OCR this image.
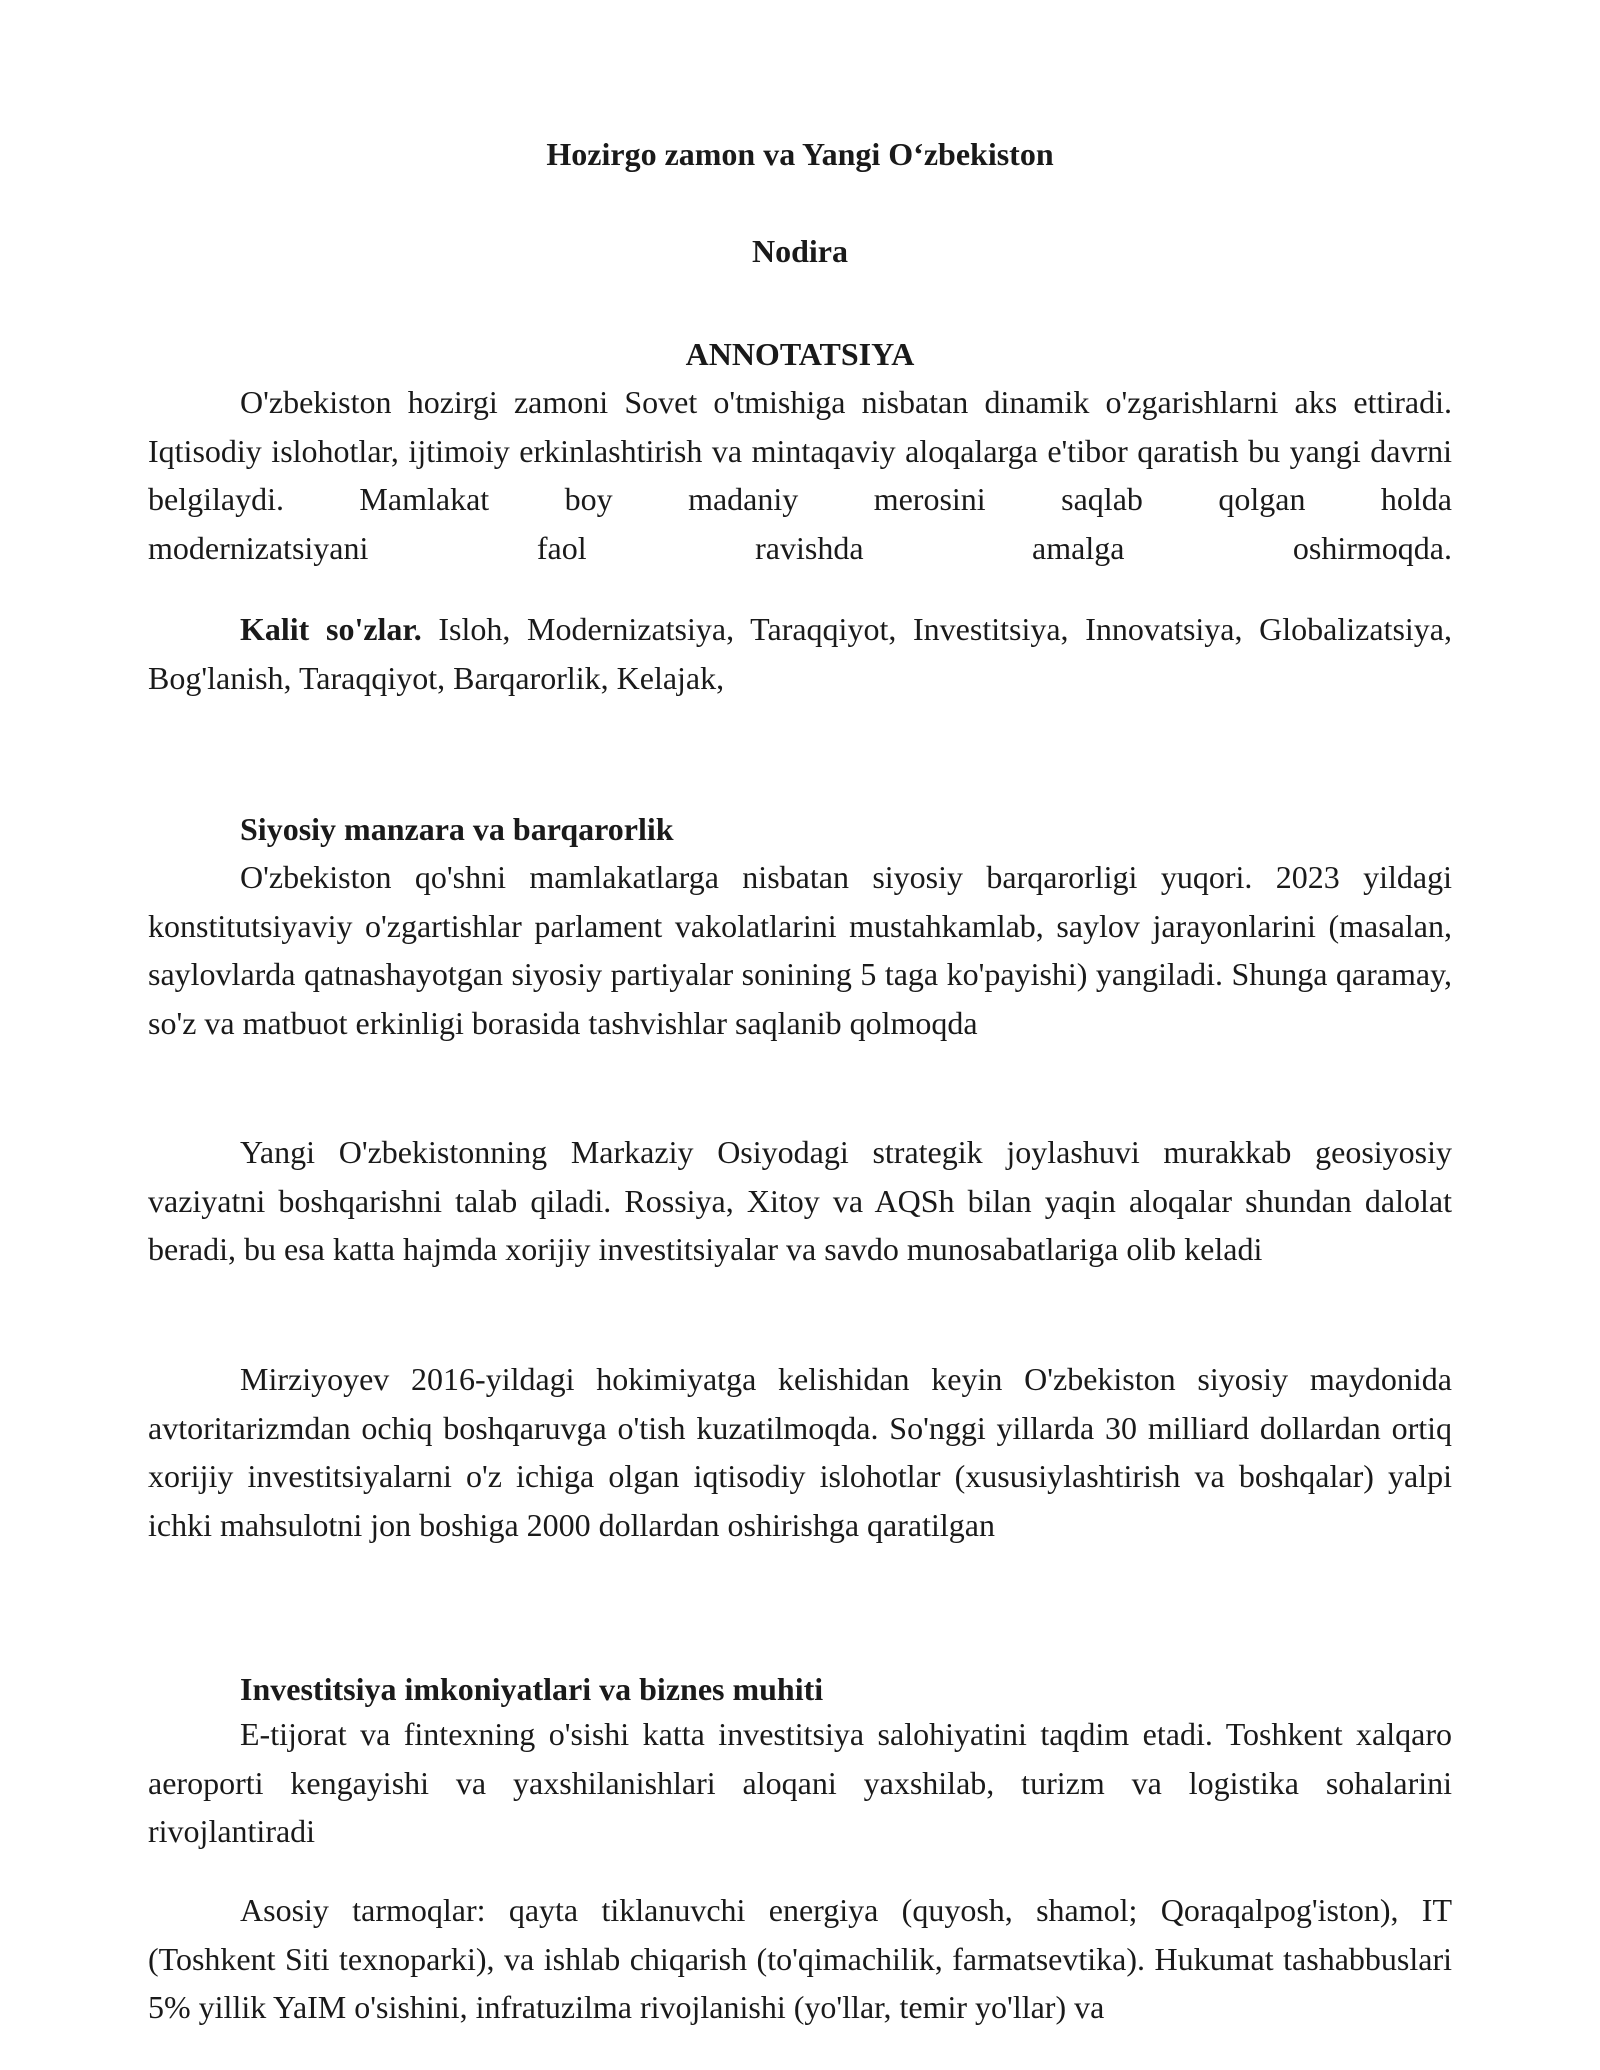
Hozirgo zamon va Yangi O‘zbekiston
Nodira
ANNOTATSIYA

O'zbekiston hozirgi zamoni Sovet o'tmishiga nisbatan dinamik o'zgarishlarni aks ettiradi. Iqtisodiy islohotlar, ijtimoiy erkinlashtirish va mintaqaviy aloqalarga e'tibor qaratish bu yangi davrni belgilaydi. Mamlakat boy madaniy merosini saqlab qolgan holda

modernizatsiyani faol ravishda amalga oshirmoqda.

Kalit so'zlar. Isloh, Modernizatsiya, Taraqqiyot, Investitsiya, Innovatsiya, Globalizatsiya, Bog'lanish, Taraqqiyot, Barqarorlik, Kelajak,

Siyosiy manzara va barqarorlik

O'zbekiston qo'shni mamlakatlarga nisbatan siyosiy barqarorligi yuqori. 2023 yildagi konstitutsiyaviy o'zgartishlar parlament vakolatlarini mustahkamlab, saylov jarayonlarini (masalan, saylovlarda qatnashayotgan siyosiy partiyalar sonining 5 taga ko'payishi) yangiladi. Shunga qaramay, so'z va matbuot erkinligi borasida tashvishlar saqlanib qolmoqda

Yangi O'zbekistonning Markaziy Osiyodagi strategik joylashuvi murakkab geosiyosiy vaziyatni boshqarishni talab qiladi. Rossiya, Xitoy va AQSh bilan yaqin aloqalar shundan dalolat beradi, bu esa katta hajmda xorijiy investitsiyalar va savdo munosabatlariga olib keladi

Mirziyoyev 2016-yildagi hokimiyatga kelishidan keyin O'zbekiston siyosiy maydonida avtoritarizmdan ochiq boshqaruvga o'tish kuzatilmoqda. So'nggi yillarda 30 milliard dollardan ortiq xorijiy investitsiyalarni o'z ichiga olgan iqtisodiy islohotlar (xususiylashtirish va boshqalar) yalpi ichki mahsulotni jon boshiga 2000 dollardan oshirishga qaratilgan

Investitsiya imkoniyatlari va biznes muhiti

E-tijorat va fintexning o'sishi katta investitsiya salohiyatini taqdim etadi. Toshkent xalqaro aeroporti kengayishi va yaxshilanishlari aloqani yaxshilab, turizm va logistika sohalarini rivojlantiradi

Asosiy tarmoqlar: qayta tiklanuvchi energiya (quyosh, shamol; Qoraqalpog'iston), IT (Toshkent Siti texnoparki), va ishlab chiqarish (to'qimachilik, farmatsevtika). Hukumat tashabbuslari 5% yillik YaIM o'sishini, infratuzilma rivojlanishi (yo'llar, temir yo'llar) va
